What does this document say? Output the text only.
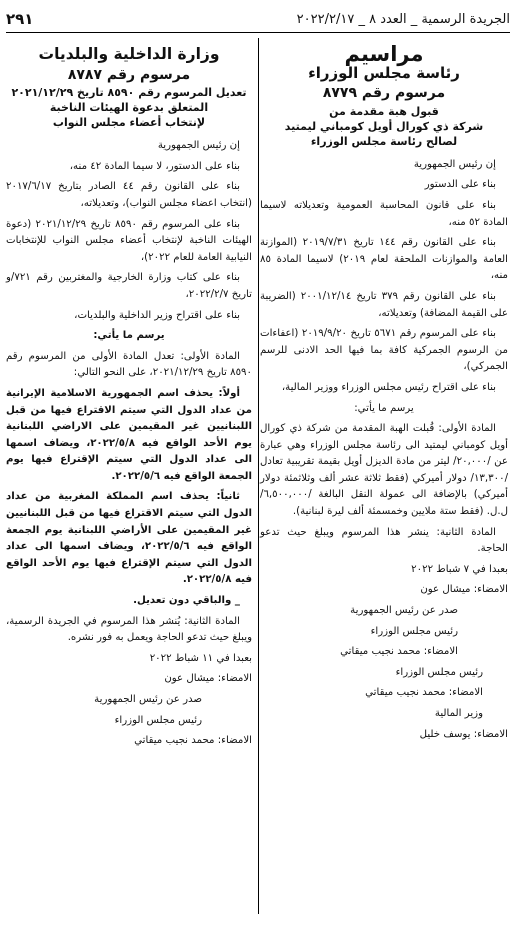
الجريدة الرسمية _ العدد ٨ _ ٢٠٢٢/٢/١٧
٢٩١
مراسيم
رئاسة مجلس الوزراء
مرسوم رقم ٨٧٧٩
قبول هبة مقدمة من
شركة ذي كورال أويل كومباني ليمتيد
لصالح رئاسة مجلس الوزراء

إن رئيس الجمهورية

بناء على الدستور

بناء على قانون المحاسبة العمومية وتعديلاته لاسيما المادة ٥٢ منه،

بناء على القانون رقم ١٤٤ تاريخ ٢٠١٩/٧/٣١ (الموازنة العامة والموازنات الملحقة لعام ٢٠١٩) لاسيما المادة ٨٥ منه،

بناء على القانون رقم ٣٧٩ تاريخ ٢٠٠١/١٢/١٤ (الضريبة على القيمة المضافة) وتعديلاته،

بناء على المرسوم رقم ٥٦٧١ تاريخ ٢٠١٩/٩/٢٠ (اعفاءات من الرسوم الجمركية كافة بما فيها الحد الادنى للرسم الجمركي)،

بناء على اقتراح رئيس مجلس الوزراء ووزير المالية،

يرسم ما يأتي:

المادة الأولى: قُبلت الهبة المقدمة من شركة ذي كورال أويل كومباني ليمتيد الى رئاسة مجلس الوزراء وهي عبارة عن /٢٠,٠٠٠/ ليتر من مادة الديزل أويل بقيمة تقريبية تعادل /١٣,٣٠٠/ دولار أميركي (فقط ثلاثة عشر ألف وثلاثمئة دولار أميركي) بالإضافة الى عمولة النقل البالغة /٦,٥٠٠,٠٠٠/ ل.ل. (فقط ستة ملايين وخمسمئة ألف ليرة لبنانية).

المادة الثانية: ينشر هذا المرسوم ويبلغ حيث تدعو الحاجة.

بعبدا في ٧ شباط ٢٠٢٢

الامضاء: ميشال عون

صدر عن رئيس الجمهورية

رئيس مجلس الوزراء

الامضاء: محمد نجيب ميقاتي

رئيس مجلس الوزراء

الامضاء: محمد نجيب ميقاتي

وزير المالية

الامضاء: يوسف خليل

وزارة الداخلية والبلديات
مرسوم رقم ٨٧٨٧
تعديل المرسوم رقم ٨٥٩٠ تاريخ ٢٠٢١/١٢/٢٩
المتعلق بدعوة الهيئات الناخبة
لإنتخاب أعضاء مجلس النواب

إن رئيس الجمهورية

بناء على الدستور، لا سيما المادة ٤٢ منه،

بناء على القانون رقم ٤٤ الصادر بتاريخ ٢٠١٧/٦/١٧ (انتخاب اعضاء مجلس النواب)، وتعديلاته،

بناء على المرسوم رقم ٨٥٩٠ تاريخ ٢٠٢١/١٢/٢٩ (دعوة الهيئات الناخبة لإنتخاب أعضاء مجلس النواب للإنتخابات النيابية العامة للعام ٢٠٢٢)،

بناء على كتاب وزارة الخارجية والمغتربين رقم ٧٢١/و تاريخ ٢٠٢٢/٢/٧،

بناء على اقتراح وزير الداخلية والبلديات،

يرسم ما يأتي:

المادة الأولى: تعدل المادة الأولى من المرسوم رقم ٨٥٩٠ تاريخ ٢٠٢١/١٢/٢٩، على النحو التالي:

أولاً: يحذف اسم الجمهورية الاسلامية الإيرانية من عداد الدول التي سيتم الاقتراع فيها من قبل اللبنانيين غير المقيمين على الاراضي اللبنانية يوم الأحد الواقع فيه ٢٠٢٢/٥/٨، ويضاف اسمها الى عداد الدول التي سيتم الإقتراع فيها يوم الجمعة الواقع فيه ٢٠٢٢/٥/٦.

ثانياً: يحذف اسم المملكة المغربية من عداد الدول التي سيتم الاقتراع فيها من قبل اللبنانيين غير المقيمين على الأراضي اللبنانية يوم الجمعة الواقع فيه ٢٠٢٢/٥/٦، ويضاف اسمها الى عداد الدول التي سيتم الإقتراع فيها يوم الأحد الواقع فيه ٢٠٢٢/٥/٨.

_ والباقي دون تعديل.

المادة الثانية: يُنشر هذا المرسوم في الجريدة الرسمية، ويبلغ حيث تدعو الحاجة ويعمل به فور نشره.

بعبدا في ١١ شباط ٢٠٢٢

الامضاء: ميشال عون

صدر عن رئيس الجمهورية

رئيس مجلس الوزراء

الامضاء: محمد نجيب ميقاتي
